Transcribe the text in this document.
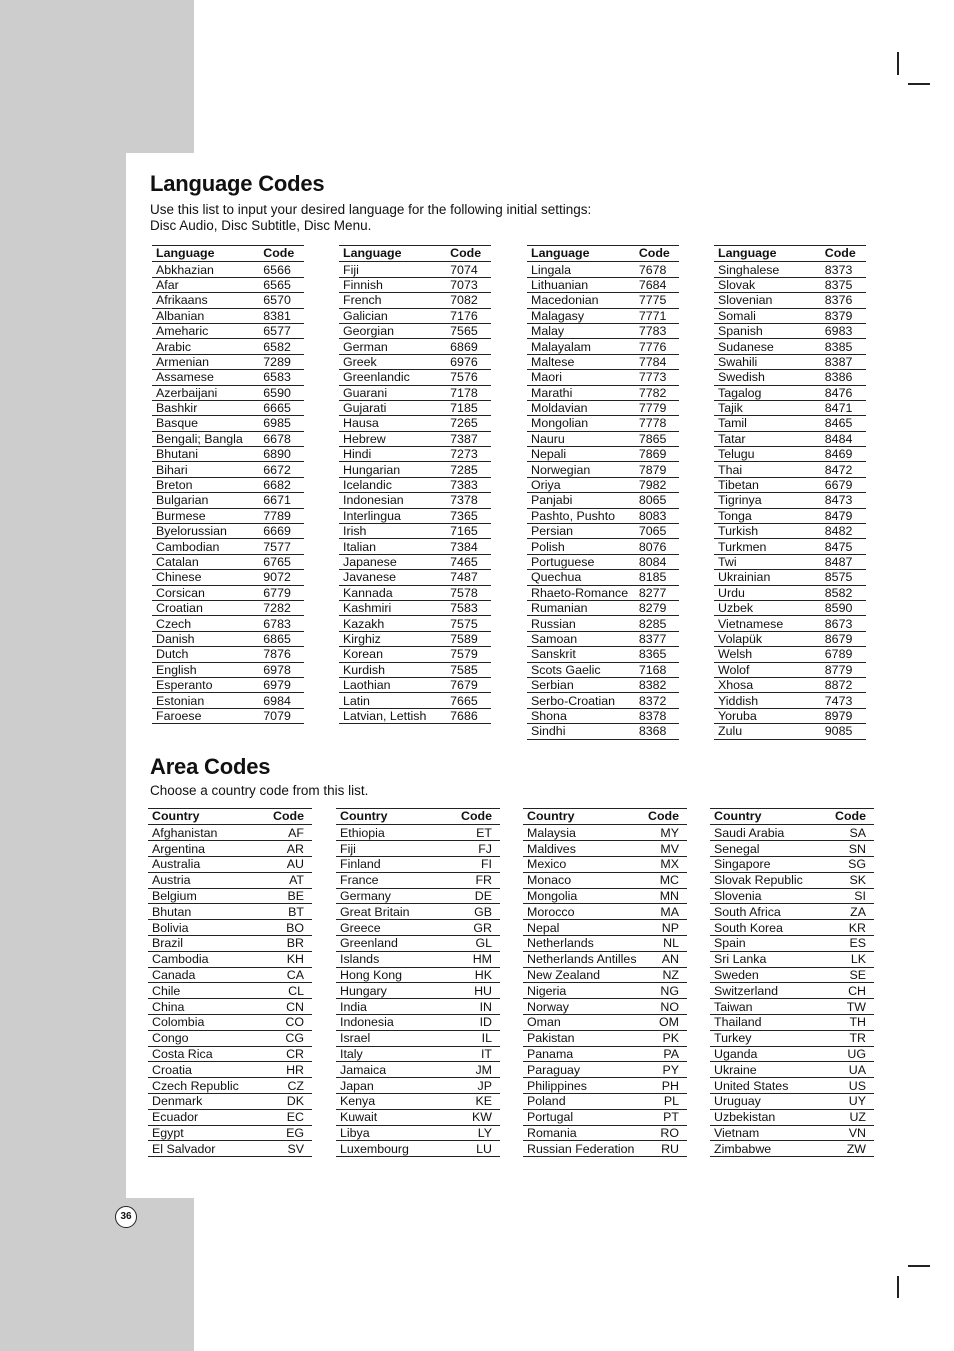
Language Codes

Use this list to input your desired language for the following initial settings:
Disc Audio, Disc Subtitle, Disc Menu.

Language	Code
Abkhazian	6566
Afar	6565
Afrikaans	6570
Albanian	8381
Ameharic	6577
Arabic	6582
Armenian	7289
Assamese	6583
Azerbaijani	6590
Bashkir	6665
Basque	6985
Bengali; Bangla	6678
Bhutani	6890
Bihari	6672
Breton	6682
Bulgarian	6671
Burmese	7789
Byelorussian	6669
Cambodian	7577
Catalan	6765
Chinese	9072
Corsican	6779
Croatian	7282
Czech	6783
Danish	6865
Dutch	7876
English	6978
Esperanto	6979
Estonian	6984
Faroese	7079
Language	Code
Fiji	7074
Finnish	7073
French	7082
Galician	7176
Georgian	7565
German	6869
Greek	6976
Greenlandic	7576
Guarani	7178
Gujarati	7185
Hausa	7265
Hebrew	7387
Hindi	7273
Hungarian	7285
Icelandic	7383
Indonesian	7378
Interlingua	7365
Irish	7165
Italian	7384
Japanese	7465
Javanese	7487
Kannada	7578
Kashmiri	7583
Kazakh	7575
Kirghiz	7589
Korean	7579
Kurdish	7585
Laothian	7679
Latin	7665
Latvian, Lettish	7686
Language	Code
Lingala	7678
Lithuanian	7684
Macedonian	7775
Malagasy	7771
Malay	7783
Malayalam	7776
Maltese	7784
Maori	7773
Marathi	7782
Moldavian	7779
Mongolian	7778
Nauru	7865
Nepali	7869
Norwegian	7879
Oriya	7982
Panjabi	8065
Pashto, Pushto	8083
Persian	7065
Polish	8076
Portuguese	8084
Quechua	8185
Rhaeto-Romance	8277
Rumanian	8279
Russian	8285
Samoan	8377
Sanskrit	8365
Scots Gaelic	7168
Serbian	8382
Serbo-Croatian	8372
Shona	8378
Sindhi	8368
Language	Code
Singhalese	8373
Slovak	8375
Slovenian	8376
Somali	8379
Spanish	6983
Sudanese	8385
Swahili	8387
Swedish	8386
Tagalog	8476
Tajik	8471
Tamil	8465
Tatar	8484
Telugu	8469
Thai	8472
Tibetan	6679
Tigrinya	8473
Tonga	8479
Turkish	8482
Turkmen	8475
Twi	8487
Ukrainian	8575
Urdu	8582
Uzbek	8590
Vietnamese	8673
Volapük	8679
Welsh	6789
Wolof	8779
Xhosa	8872
Yiddish	7473
Yoruba	8979
Zulu	9085
Area Codes

Choose a country code from this list.

Country	Code
Afghanistan	AF
Argentina	AR
Australia	AU
Austria	AT
Belgium	BE
Bhutan	BT
Bolivia	BO
Brazil	BR
Cambodia	KH
Canada	CA
Chile	CL
China	CN
Colombia	CO
Congo	CG
Costa Rica	CR
Croatia	HR
Czech Republic	CZ
Denmark	DK
Ecuador	EC
Egypt	EG
El Salvador	SV
Country	Code
Ethiopia	ET
Fiji	FJ
Finland	FI
France	FR
Germany	DE
Great Britain	GB
Greece	GR
Greenland	GL
Islands	HM
Hong Kong	HK
Hungary	HU
India	IN
Indonesia	ID
Israel	IL
Italy	IT
Jamaica	JM
Japan	JP
Kenya	KE
Kuwait	KW
Libya	LY
Luxembourg	LU
Country	Code
Malaysia	MY
Maldives	MV
Mexico	MX
Monaco	MC
Mongolia	MN
Morocco	MA
Nepal	NP
Netherlands	NL
Netherlands Antilles	AN
New Zealand	NZ
Nigeria	NG
Norway	NO
Oman	OM
Pakistan	PK
Panama	PA
Paraguay	PY
Philippines	PH
Poland	PL
Portugal	PT
Romania	RO
Russian Federation	RU
Country	Code
Saudi Arabia	SA
Senegal	SN
Singapore	SG
Slovak Republic	SK
Slovenia	SI
South Africa	ZA
South Korea	KR
Spain	ES
Sri Lanka	LK
Sweden	SE
Switzerland	CH
Taiwan	TW
Thailand	TH
Turkey	TR
Uganda	UG
Ukraine	UA
United States	US
Uruguay	UY
Uzbekistan	UZ
Vietnam	VN
Zimbabwe	ZW
36
